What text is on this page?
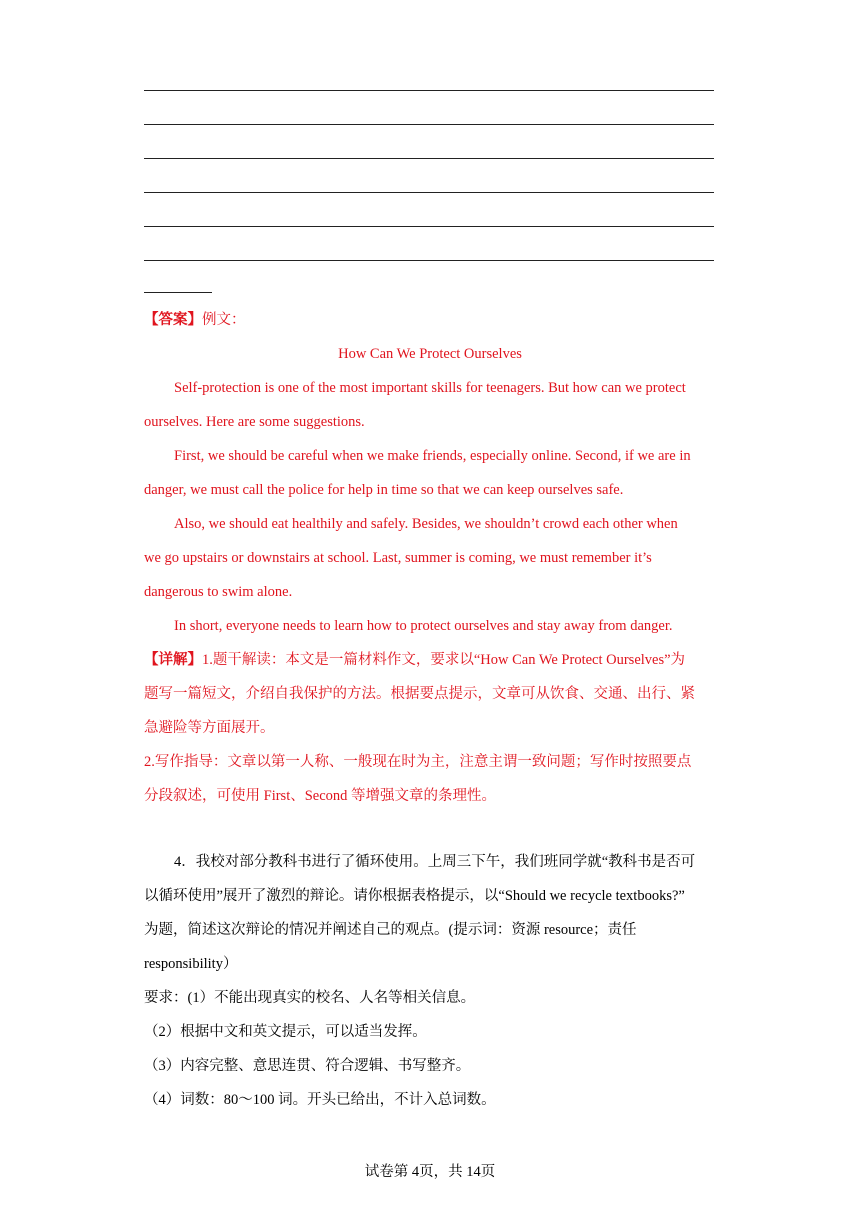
【答案】例文：
How Can We Protect Ourselves
Self-protection is one of the most important skills for teenagers. But how can we protect
ourselves. Here are some suggestions.
First, we should be careful when we make friends, especially online. Second, if we are in
danger, we must call the police for help in time so that we can keep ourselves safe.
Also, we should eat healthily and safely. Besides, we shouldn’t crowd each other when
we go upstairs or downstairs at school. Last, summer is coming, we must remember it’s
dangerous to swim alone.
In short, everyone needs to learn how to protect ourselves and stay away from danger.
【详解】1.题干解读：本文是一篇材料作文，要求以“How Can We Protect Ourselves”为
题写一篇短文，介绍自我保护的方法。根据要点提示，文章可从饮食、交通、出行、紧
急避险等方面展开。
2.写作指导：文章以第一人称、一般现在时为主，注意主谓一致问题；写作时按照要点
分段叙述，可使用 First、Second 等增强文章的条理性。
4．我校对部分教科书进行了循环使用。上周三下午，我们班同学就“教科书是否可
以循环使用”展开了激烈的辩论。请你根据表格提示，以“Should we recycle textbooks?”
为题，简述这次辩论的情况并阐述自己的观点。(提示词：资源 resource；责任
responsibility）
要求：(1）不能出现真实的校名、人名等相关信息。
（2）根据中文和英文提示，可以适当发挥。
（3）内容完整、意思连贯、符合逻辑、书写整齐。
（4）词数：80～100 词。开头已给出，不计入总词数。
试卷第 4页，共 14页
